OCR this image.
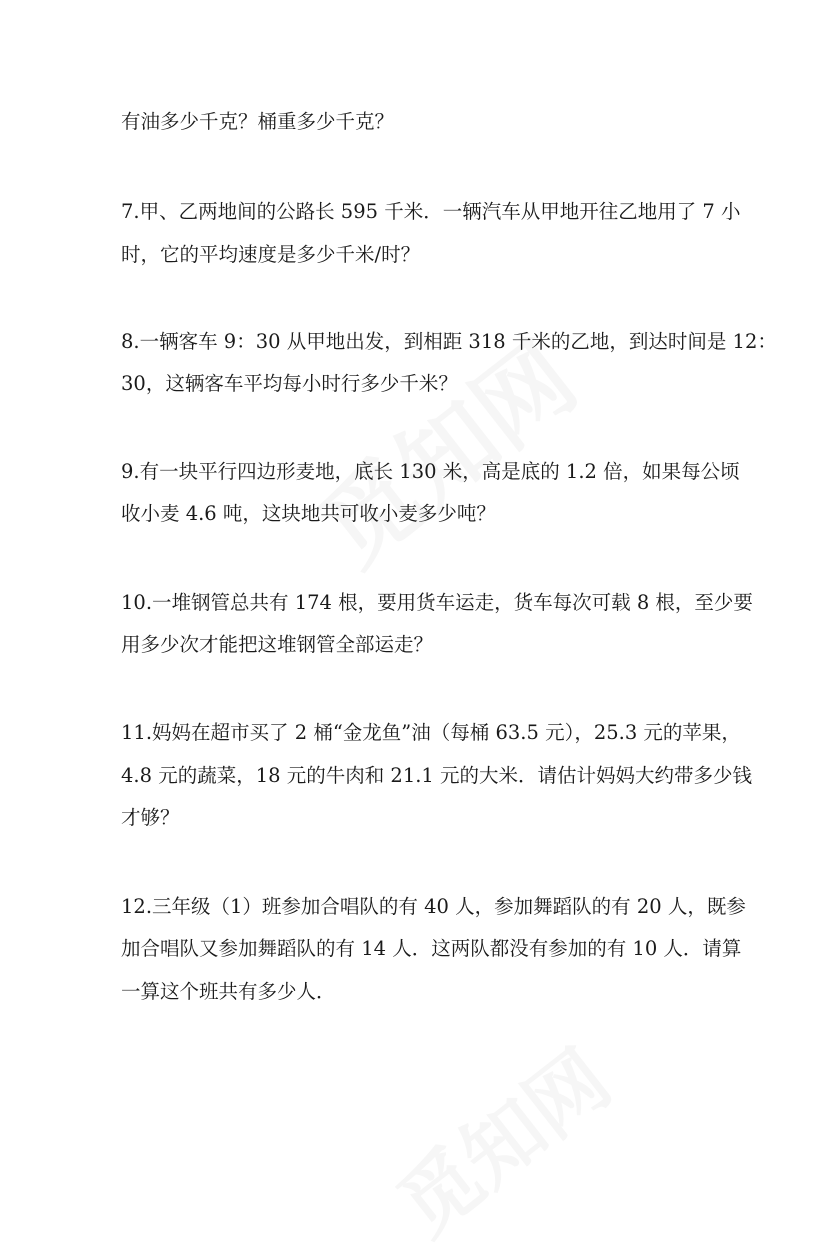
有油多少千克？桶重多少千克？
7.甲、乙两地间的公路长 595 千米．一辆汽车从甲地开往乙地用了 7 小
时，它的平均速度是多少千米/时？
8.一辆客车 9：30 从甲地出发，到相距 318 千米的乙地，到达时间是 12：
30，这辆客车平均每小时行多少千米？
9.有一块平行四边形麦地，底长 130 米，高是底的 1.2 倍，如果每公顷
收小麦 4.6 吨，这块地共可收小麦多少吨？
10.一堆钢管总共有 174 根，要用货车运走，货车每次可载 8 根，至少要
用多少次才能把这堆钢管全部运走？
11.妈妈在超市买了 2 桶“金龙鱼”油（每桶 63.5 元），25.3 元的苹果，
4.8 元的蔬菜，18 元的牛肉和 21.1 元的大米．请估计妈妈大约带多少钱
才够？
12.三年级（1）班参加合唱队的有 40 人，参加舞蹈队的有 20 人，既参
加合唱队又参加舞蹈队的有 14 人．这两队都没有参加的有 10 人．请算
一算这个班共有多少人．
